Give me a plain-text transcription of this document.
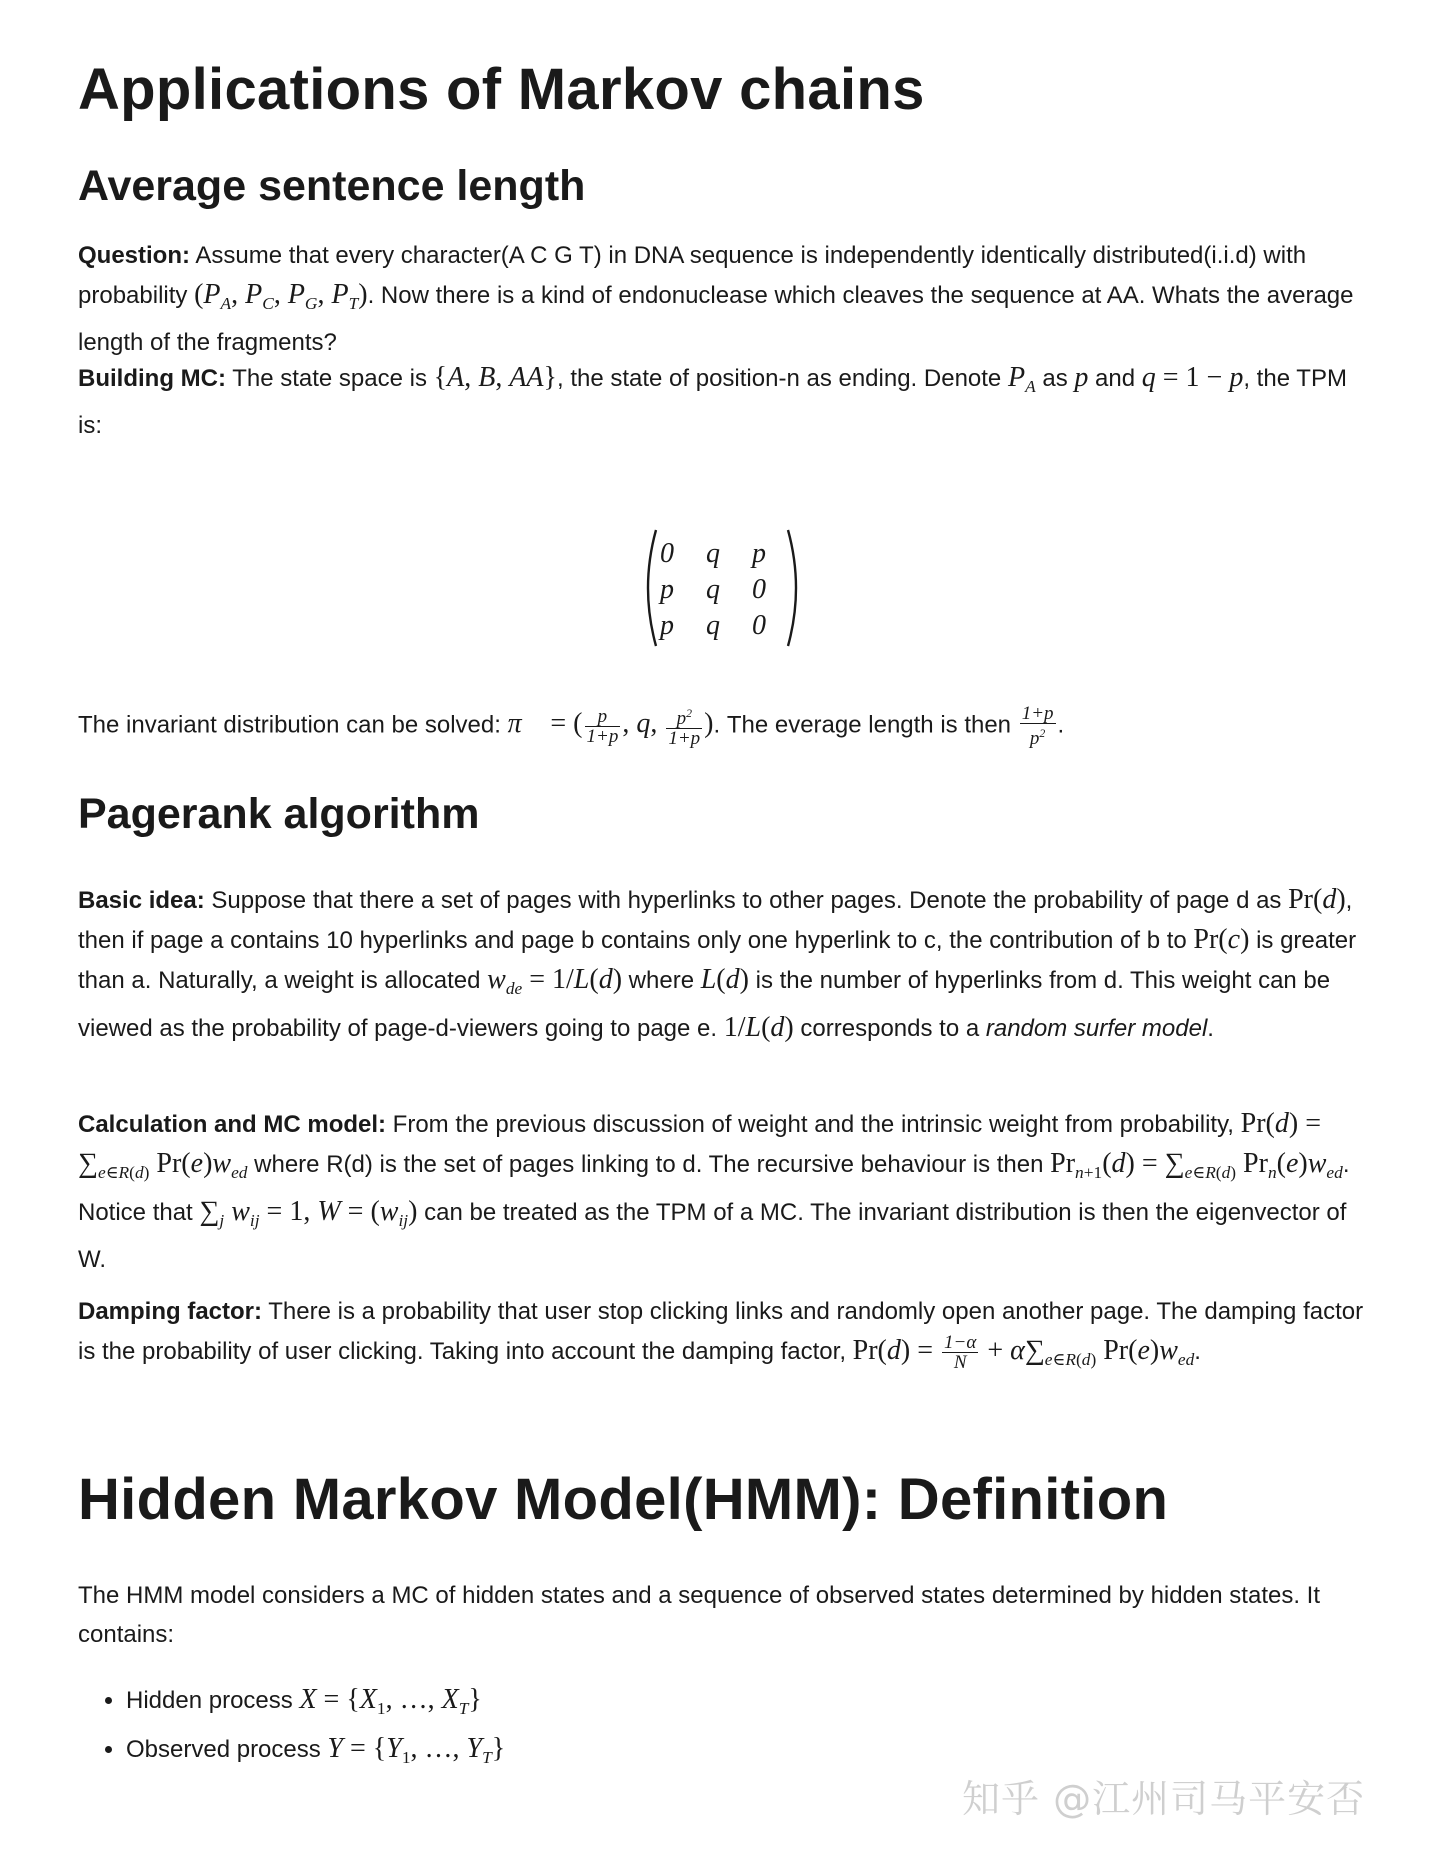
Applications of Markov chains
Average sentence length

Question: Assume that every character(A C G T) in DNA sequence is independently identically distributed(i.i.d) with probability ($P_A$, $P_C$, $P_G$, $P_T$). Now there is a kind of endonuclease which cleaves the sequence at AA. Whats the average length of the fragments?

Building MC: The state space is {A, B, AA}, the state of position-n as ending. Denote $P_A$ as p and q = 1 − p, the TPM is:

0 q p
p q 0
p q 0

The invariant distribution can be solved: π⃗ = ( $\frac{p}{1+p}$ , q, $\frac{p^2}{1+p}$ ). The everage length is then $\frac{1+p}{p^2}$ .

Pagerank algorithm

Basic idea: Suppose that there a set of pages with hyperlinks to other pages. Denote the probability of page d as Pr(d), then if page a contains 10 hyperlinks and page b contains only one hyperlink to c, the contribution of b to Pr(c) is greater than a. Naturally, a weight is allocated $w_{de} = 1/L(d)$ where L(d) is the number of hyperlinks from d. This weight can be viewed as the probability of page-d-viewers going to page e. 1/L(d) corresponds to a random surfer model.

Calculation and MC model: From the previous discussion of weight and the intrinsic weight from probability, $Pr(d) = \sum_{e\in R(d)}$ $Pr(e)w_{ed}$ where R(d) is the set of pages linking to d. The recursive behaviour is then $Pr_{n+1}(d) = \sum_{e\in R(d)}$ $Pr_n(e)w_{ed}$. Notice that $\sum_j$ $w_{ij} = 1$, $W = (w_{ij})$ can be treated as the TPM of a MC. The invariant distribution is then the eigenvector of W.

Damping factor: There is a probability that user stop clicking links and randomly open another page. The damping factor is the probability of user clicking. Taking into account the damping factor, $Pr(d) = \frac{1-\alpha}{N} + \alpha\sum_{e\in R(d)}$ $Pr(e)w_{ed}$.

Hidden Markov Model(HMM): Definition

The HMM model considers a MC of hidden states and a sequence of observed states determined by hidden states. It contains:

• Hidden process $X = \{X_1$, …, $X_T$}
• Observed process $Y = \{Y_1$, …, $Y_T$}
知乎 @江州司马平安否
